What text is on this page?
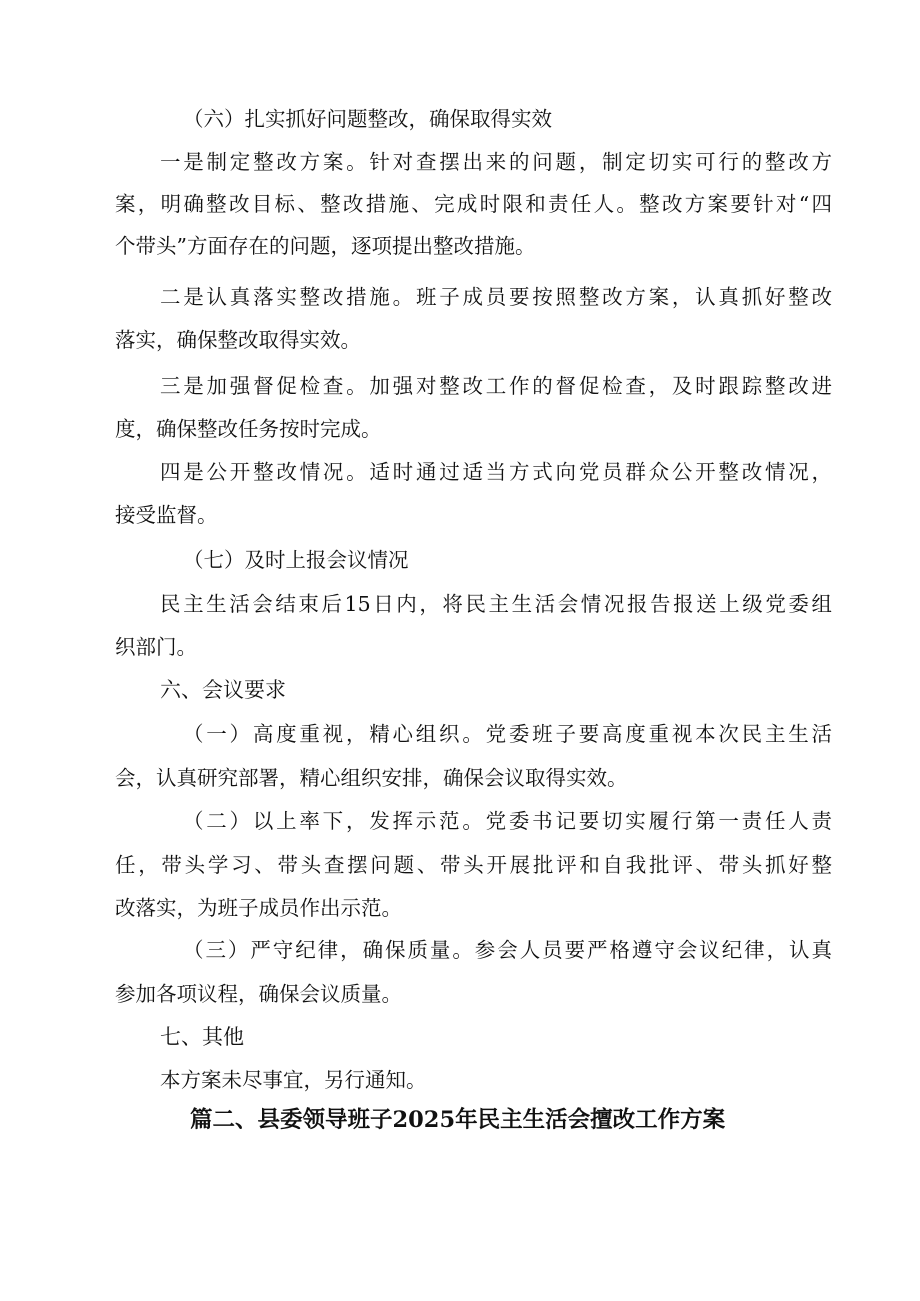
（六）扎实抓好问题整改，确保取得实效
一是制定整改方案。针对查摆出来的问题，制定切实可行的整改方
案，明确整改目标、整改措施、完成时限和责任人。整改方案要针对“四
个带头”方面存在的问题，逐项提出整改措施。
二是认真落实整改措施。班子成员要按照整改方案，认真抓好整改
落实，确保整改取得实效。
三是加强督促检查。加强对整改工作的督促检查，及时跟踪整改进
度，确保整改任务按时完成。
四是公开整改情况。适时通过适当方式向党员群众公开整改情况，
接受监督。
（七）及时上报会议情况
民主生活会结束后15日内，将民主生活会情况报告报送上级党委组
织部门。
六、会议要求
（一）高度重视，精心组织。党委班子要高度重视本次民主生活
会，认真研究部署，精心组织安排，确保会议取得实效。
（二）以上率下，发挥示范。党委书记要切实履行第一责任人责
任，带头学习、带头查摆问题、带头开展批评和自我批评、带头抓好整
改落实，为班子成员作出示范。
（三）严守纪律，确保质量。参会人员要严格遵守会议纪律，认真
参加各项议程，确保会议质量。
七、其他
本方案未尽事宜，另行通知。
篇二、县委领导班子2025年民主生活会擅改工作方案
